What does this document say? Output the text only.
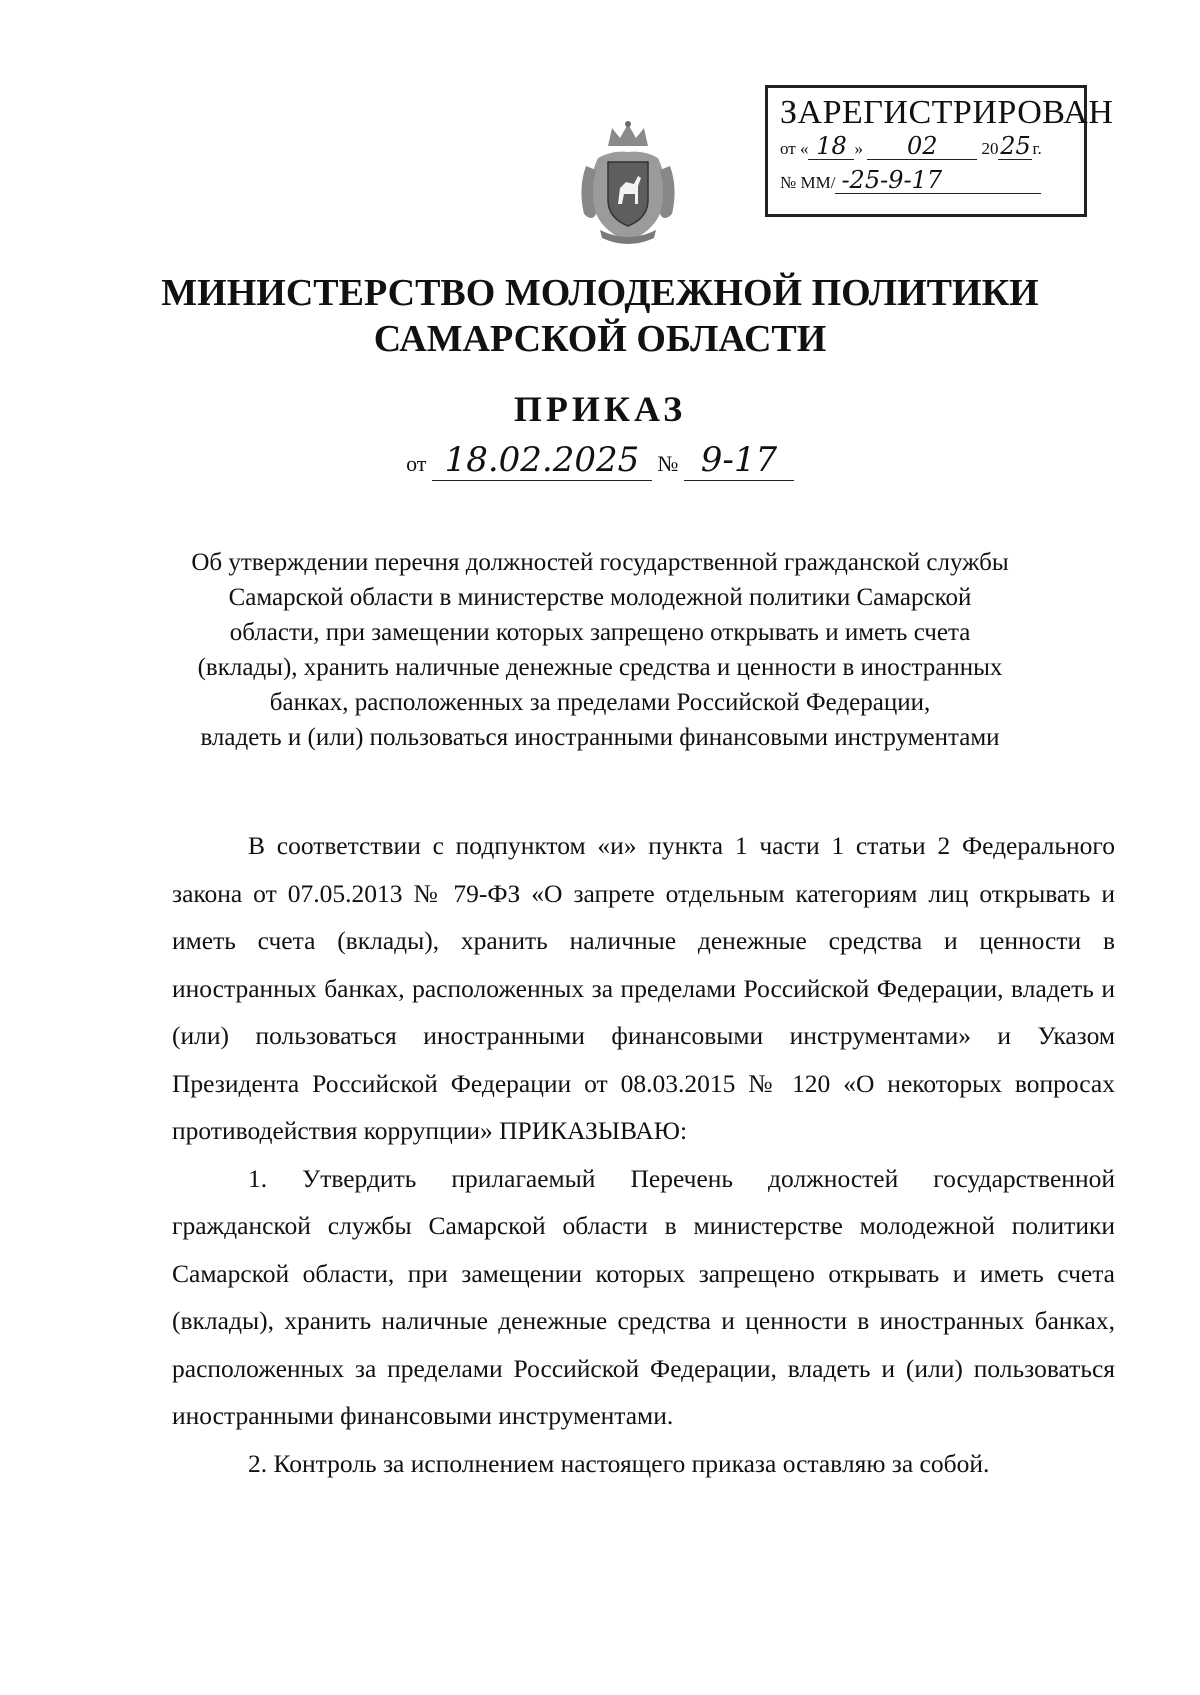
ЗАРЕГИСТРИРОВАН
от « 18 » 02	2025 г.
№ ММ/ -25-9-17
МИНИСТЕРСТВО МОЛОДЕЖНОЙ ПОЛИТИКИ
САМАРСКОЙ ОБЛАСТИ
ПРИКАЗ
от 18.02.2025 № 9-17

Об утверждении перечня должностей государственной гражданской службы

Самарской области в министерстве молодежной политики Самарской

области, при замещении которых запрещено открывать и иметь счета

(вклады), хранить наличные денежные средства и ценности в иностранных

банках, расположенных за пределами Российской Федерации,

владеть и (или) пользоваться иностранными финансовыми инструментами

В соответствии с подпунктом «и» пункта 1 части 1 статьи 2 Федерального закона от 07.05.2013 № 79-ФЗ «О запрете отдельным категориям лиц открывать и иметь счета (вклады), хранить наличные денежные средства и ценности в иностранных банках, расположенных за пределами Российской Федерации, владеть и (или) пользоваться иностранными финансовыми инструментами» и Указом Президента Российской Федерации от 08.03.2015 № 120 «О некоторых вопросах противодействия коррупции» ПРИКАЗЫВАЮ:

1. Утвердить прилагаемый Перечень должностей государственной гражданской службы Самарской области в министерстве молодежной политики Самарской области, при замещении которых запрещено открывать и иметь счета (вклады), хранить наличные денежные средства и ценности в иностранных банках, расположенных за пределами Российской Федерации, владеть и (или) пользоваться иностранными финансовыми инструментами.

2. Контроль за исполнением настоящего приказа оставляю за собой.
